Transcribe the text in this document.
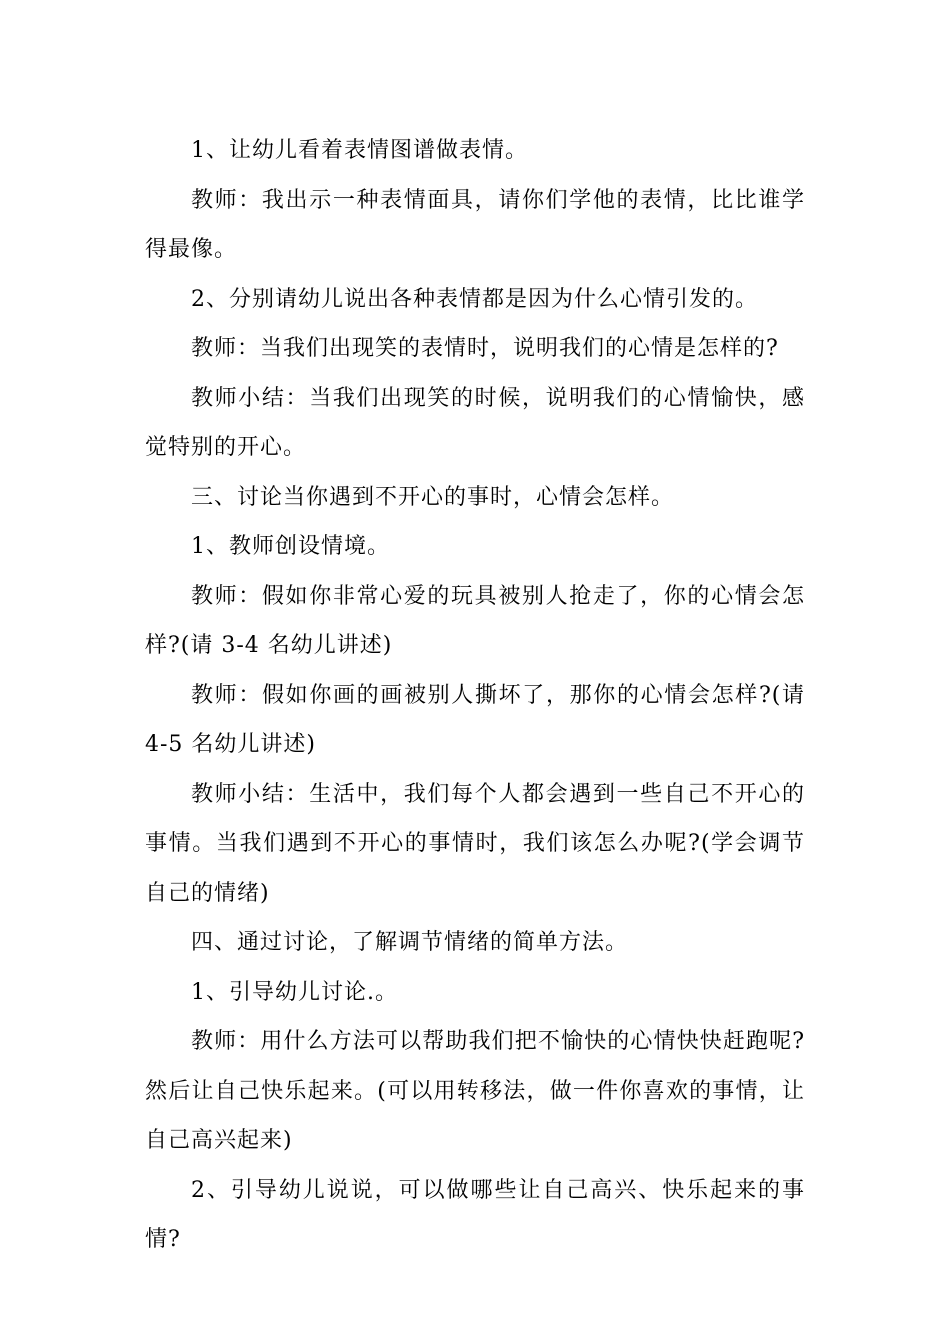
1、让幼儿看着表情图谱做表情。

教师：我出示一种表情面具，请你们学他的表情，比比谁学得最像。

2、分别请幼儿说出各种表情都是因为什么心情引发的。

教师：当我们出现笑的表情时，说明我们的心情是怎样的?

教师小结：当我们出现笑的时候，说明我们的心情愉快，感觉特别的开心。

三、讨论当你遇到不开心的事时，心情会怎样。

1、教师创设情境。

教师：假如你非常心爱的玩具被别人抢走了，你的心情会怎样?(请 3-4 名幼儿讲述)

教师：假如你画的画被别人撕坏了，那你的心情会怎样?(请 4-5 名幼儿讲述)

教师小结：生活中，我们每个人都会遇到一些自己不开心的事情。当我们遇到不开心的事情时，我们该怎么办呢?(学会调节自己的情绪)

四、通过讨论，了解调节情绪的简单方法。

1、引导幼儿讨论.。

教师：用什么方法可以帮助我们把不愉快的心情快快赶跑呢?然后让自己快乐起来。(可以用转移法，做一件你喜欢的事情，让自己高兴起来)

2、引导幼儿说说，可以做哪些让自己高兴、快乐起来的事情?
